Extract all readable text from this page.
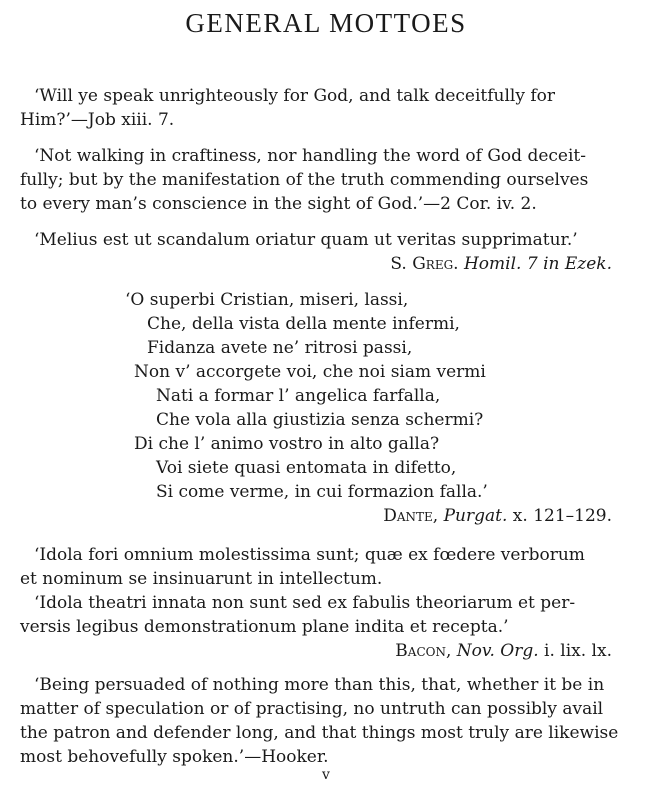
GENERAL MOTTOES
‘Will ye speak unrighteously for God, and talk deceitfully for
Him?’—Job xiii. 7.
‘Not walking in craftiness, nor handling the word of God deceit-
fully; but by the manifestation of the truth commending ourselves
to every man’s conscience in the sight of God.’—2 Cor. iv. 2.
‘Melius est ut scandalum oriatur quam ut veritas supprimatur.’
S. Greg. Homil. 7 in Ezek.
‘O superbi Cristian, miseri, lassi,
Che, della vista della mente infermi,
Fidanza avete ne’ ritrosi passi,
Non v’ accorgete voi, che noi siam vermi
Nati a formar l’ angelica farfalla,
Che vola alla giustizia senza schermi?
Di che l’ animo vostro in alto galla?
Voi siete quasi entomata in difetto,
Si come verme, in cui formazion falla.’
Dante, Purgat. x. 121–129.
‘Idola fori omnium molestissima sunt; quæ ex fœdere verborum
et nominum se insinuarunt in intellectum.
‘Idola theatri innata non sunt sed ex fabulis theoriarum et per-
versis legibus demonstrationum plane indita et recepta.’
Bacon, Nov. Org. i. lix. lx.
‘Being persuaded of nothing more than this, that, whether it be in
matter of speculation or of practising, no untruth can possibly avail
the patron and defender long, and that things most truly are likewise
most behovefully spoken.’—Hooker.
v
